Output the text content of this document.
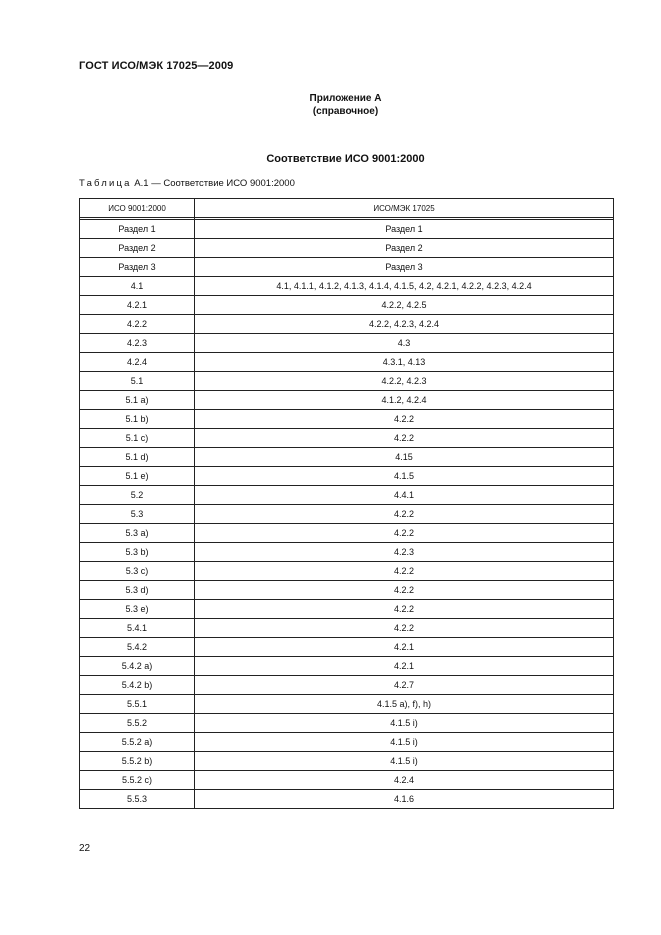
ГОСТ ИСО/МЭК 17025—2009
Приложение А
(справочное)
Соответствие ИСО 9001:2000
Таблица А.1 — Соответствие ИСО 9001:2000
ИСО 9001:2000	ИСО/МЭК 17025

Раздел 1	Раздел 1
Раздел 2	Раздел 2
Раздел 3	Раздел 3
4.1	4.1, 4.1.1, 4.1.2, 4.1.3, 4.1.4, 4.1.5, 4.2, 4.2.1, 4.2.2, 4.2.3, 4.2.4
4.2.1	4.2.2, 4.2.5
4.2.2	4.2.2, 4.2.3, 4.2.4
4.2.3	4.3
4.2.4	4.3.1, 4.13
5.1	4.2.2, 4.2.3
5.1 a)	4.1.2, 4.2.4
5.1 b)	4.2.2
5.1 c)	4.2.2
5.1 d)	4.15
5.1 e)	4.1.5
5.2	4.4.1
5.3	4.2.2
5.3 a)	4.2.2
5.3 b)	4.2.3
5.3 c)	4.2.2
5.3 d)	4.2.2
5.3 e)	4.2.2
5.4.1	4.2.2
5.4.2	4.2.1
5.4.2 a)	4.2.1
5.4.2 b)	4.2.7
5.5.1	4.1.5 a), f), h)
5.5.2	4.1.5 i)
5.5.2 a)	4.1.5 i)
5.5.2 b)	4.1.5 i)
5.5.2 c)	4.2.4
5.5.3	4.1.6
22
